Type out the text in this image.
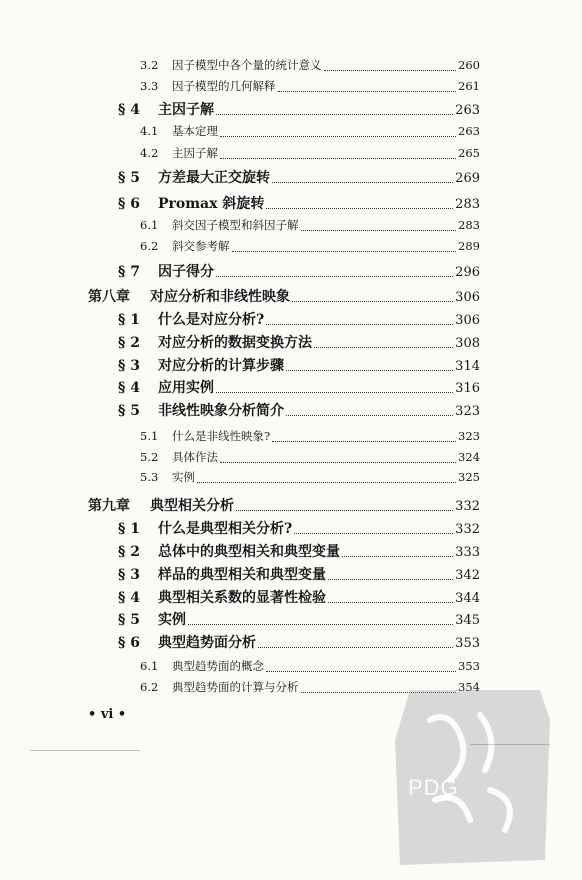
3.2	因子模型中各个量的统计意义	260
3.3	因子模型的几何解释	261
§ 4	主因子解	263
4.1	基本定理	263
4.2	主因子解	265
§ 5	方差最大正交旋转	269
§ 6	Promax 斜旋转	283
6.1	斜交因子模型和斜因子解	283
6.2	斜交参考解	289
§ 7	因子得分	296
第八章	对应分析和非线性映象	306
§ 1	什么是对应分析?	306
§ 2	对应分析的数据变换方法	308
§ 3	对应分析的计算步骤	314
§ 4	应用实例	316
§ 5	非线性映象分析简介	323
5.1	什么是非线性映象?	323
5.2	具体作法	324
5.3	实例	325
第九章	典型相关分析	332
§ 1	什么是典型相关分析?	332
§ 2	总体中的典型相关和典型变量	333
§ 3	样品的典型相关和典型变量	342
§ 4	典型相关系数的显著性检验	344
§ 5	实例	345
§ 6	典型趋势面分析	353
6.1	典型趋势面的概念	353
6.2	典型趋势面的计算与分析	354
• vi •
PDG
